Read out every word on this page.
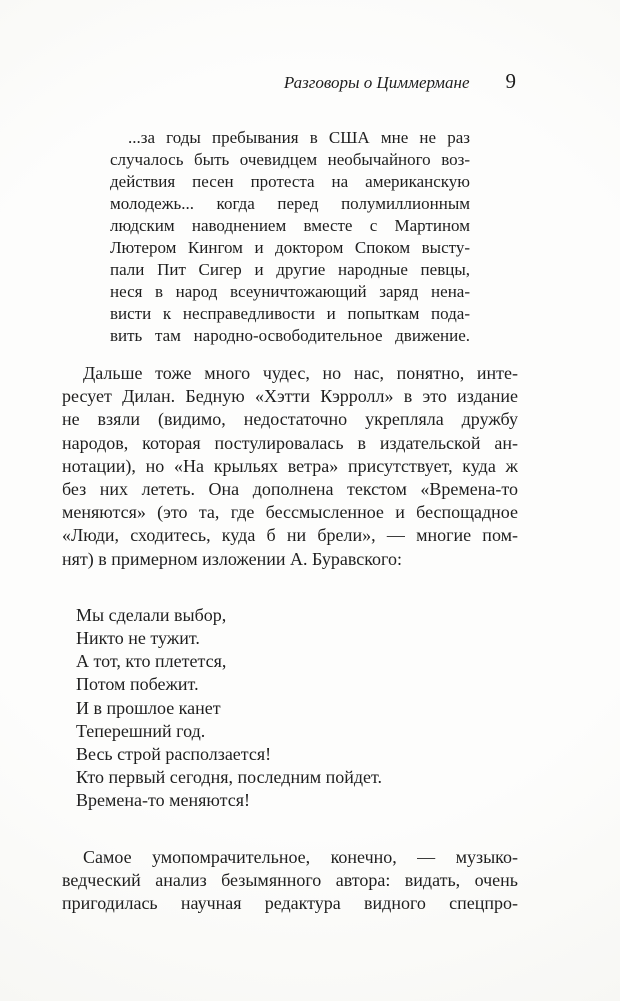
Разговоры о Циммермане 9
...за годы пребывания в США мне не раз
случалось быть очевидцем необычайного воз-
действия песен протеста на американскую
молодежь... когда перед полумиллионным
людским наводнением вместе с Мартином
Лютером Кингом и доктором Споком высту-
пали Пит Сигер и другие народные певцы,
неся в народ всеуничтожающий заряд нена-
висти к несправедливости и попыткам пода-
вить там народно-освободительное движение.
Дальше тоже много чудес, но нас, понятно, инте-
ресует Дилан. Бедную «Хэтти Кэрролл» в это издание
не взяли (видимо, недостаточно укрепляла дружбу
народов, которая постулировалась в издательской ан-
нотации), но «На крыльях ветра» присутствует, куда ж
без них лететь. Она дополнена текстом «Времена-то
меняются» (это та, где бессмысленное и беспощадное
«Люди, сходитесь, куда б ни брели», — многие пом-
нят) в примерном изложении А. Буравского:
Мы сделали выбор,
Никто не тужит.
А тот, кто плетется,
Потом побежит.
И в прошлое канет
Теперешний год.
Весь строй расползается!
Кто первый сегодня, последним пойдет.
Времена-то меняются!
Самое умопомрачительное, конечно, — музыко-
ведческий анализ безымянного автора: видать, очень
пригодилась научная редактура видного спецпро-
